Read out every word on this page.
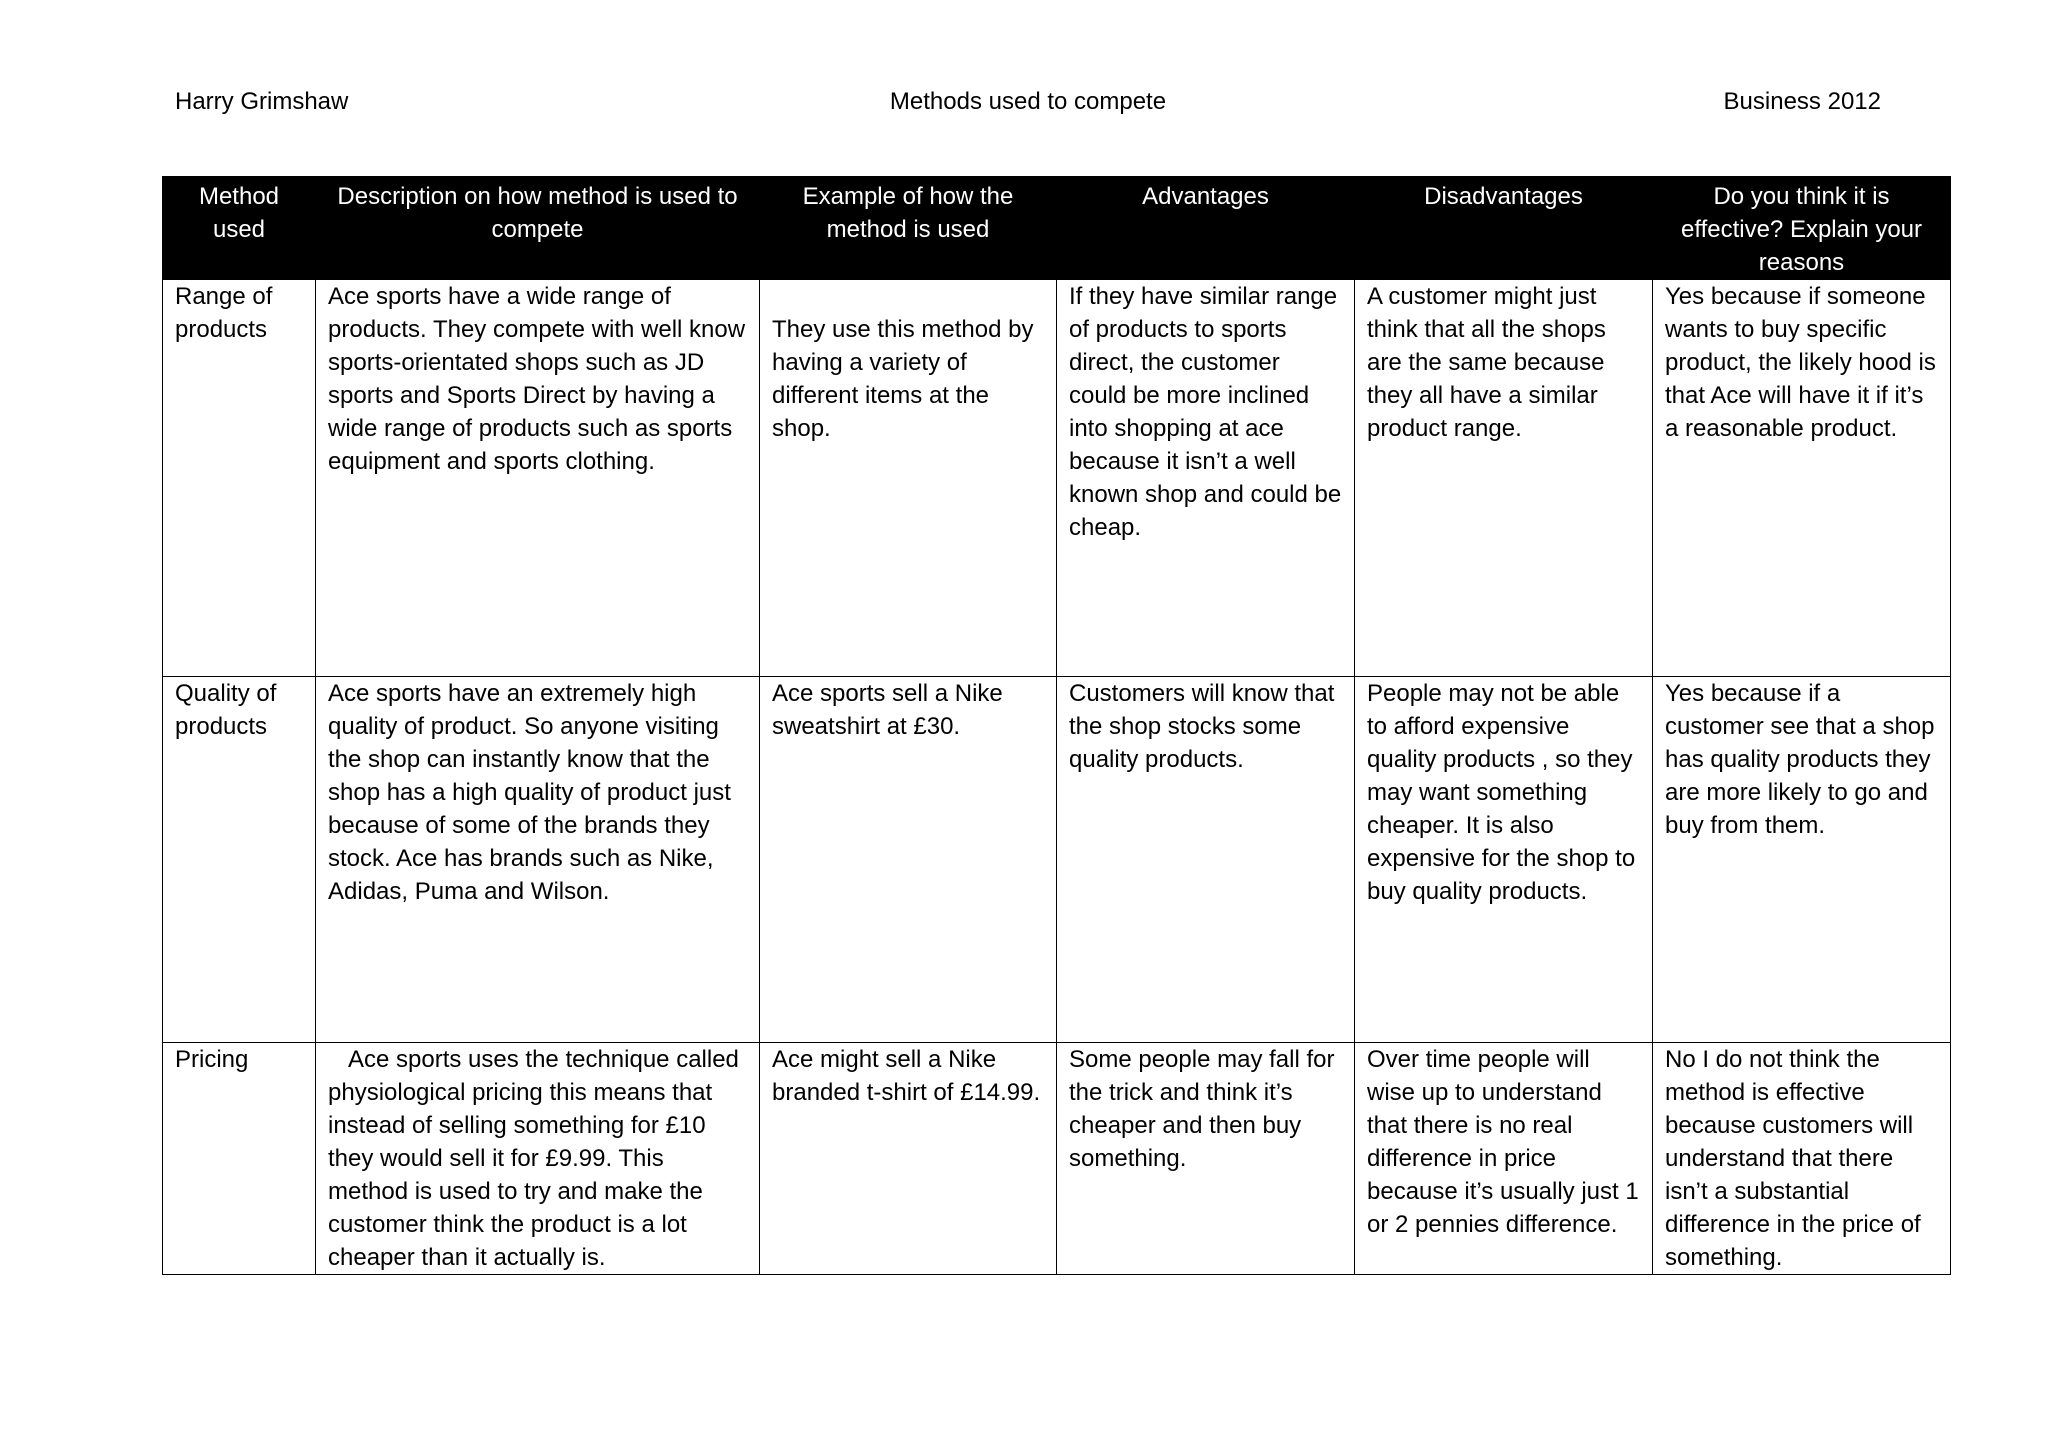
Harry Grimshaw	Methods used to compete	Business 2012
Method used	Description on how method is used to compete	Example of how the method is used	Advantages	Disadvantages	Do you think it is effective? Explain your reasons
Range of products	Ace sports have a wide range of products. They compete with well know sports-orientated shops such as JD sports and Sports Direct by having a wide range of products such as sports equipment and sports clothing.	They use this method by having a variety of different items at the shop.	If they have similar range of products to sports direct, the customer could be more inclined into shopping at ace because it isn’t a well known shop and could be cheap.	A customer might just think that all the shops are the same because they all have a similar product range.	Yes because if someone wants to buy specific product, the likely hood is that Ace will have it if it’s a reasonable product.
Quality of products	Ace sports have an extremely high quality of product. So anyone visiting the shop can instantly know that the shop has a high quality of product just because of some of the brands they stock. Ace has brands such as Nike, Adidas, Puma and Wilson.	Ace sports sell a Nike sweatshirt at £30.	Customers will know that the shop stocks some quality products.	People may not be able to afford expensive quality products , so they may want something cheaper. It is also expensive for the shop to buy quality products.	Yes because if a customer see that a shop has quality products they are more likely to go and buy from them.
Pricing	Ace sports uses the technique called physiological pricing this means that instead of selling something for £10 they would sell it for £9.99. This method is used to try and make the customer think the product is a lot cheaper than it actually is.	Ace might sell a Nike branded t-shirt of £14.99.	Some people may fall for the trick and think it’s cheaper and then buy something.	Over time people will wise up to understand that there is no real difference in price because it’s usually just 1 or 2 pennies difference.	No I do not think the method is effective because customers will understand that there isn’t a substantial difference in the price of something.
